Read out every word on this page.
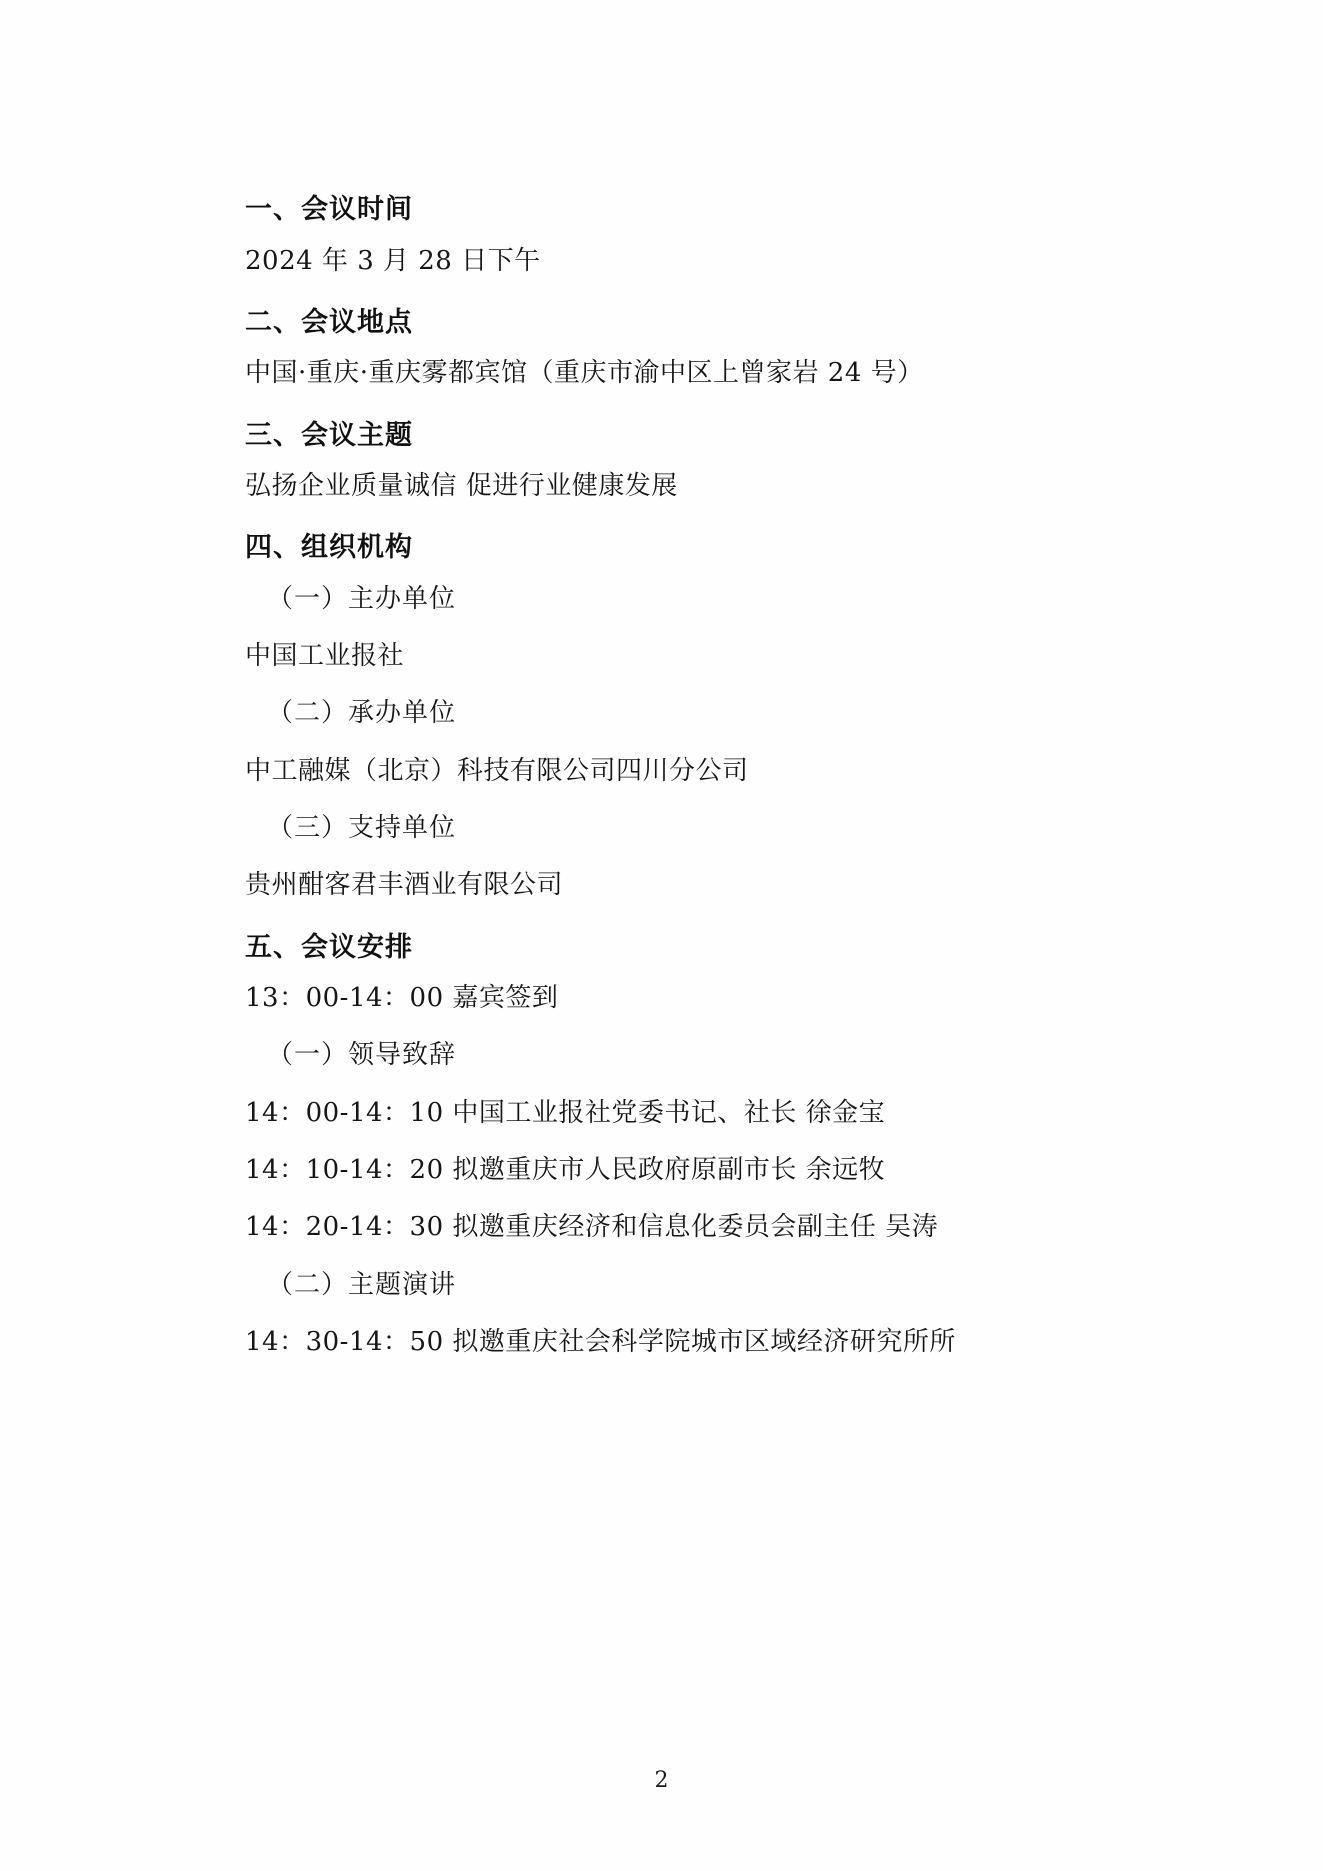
一、会议时间

2024 年 3 月 28 日下午

二、会议地点

中国·重庆·重庆雾都宾馆（重庆市渝中区上曾家岩 24 号）

三、会议主题

弘扬企业质量诚信 促进行业健康发展

四、组织机构

（一）主办单位

中国工业报社

（二）承办单位

中工融媒（北京）科技有限公司四川分公司

（三）支持单位

贵州酣客君丰酒业有限公司

五、会议安排

13：00-14：00 嘉宾签到

（一）领导致辞

14：00-14：10 中国工业报社党委书记、社长 徐金宝

14：10-14：20 拟邀重庆市人民政府原副市长 余远牧

14：20-14：30 拟邀重庆经济和信息化委员会副主任 吴涛

（二）主题演讲

14：30-14：50 拟邀重庆社会科学院城市区域经济研究所所

2
